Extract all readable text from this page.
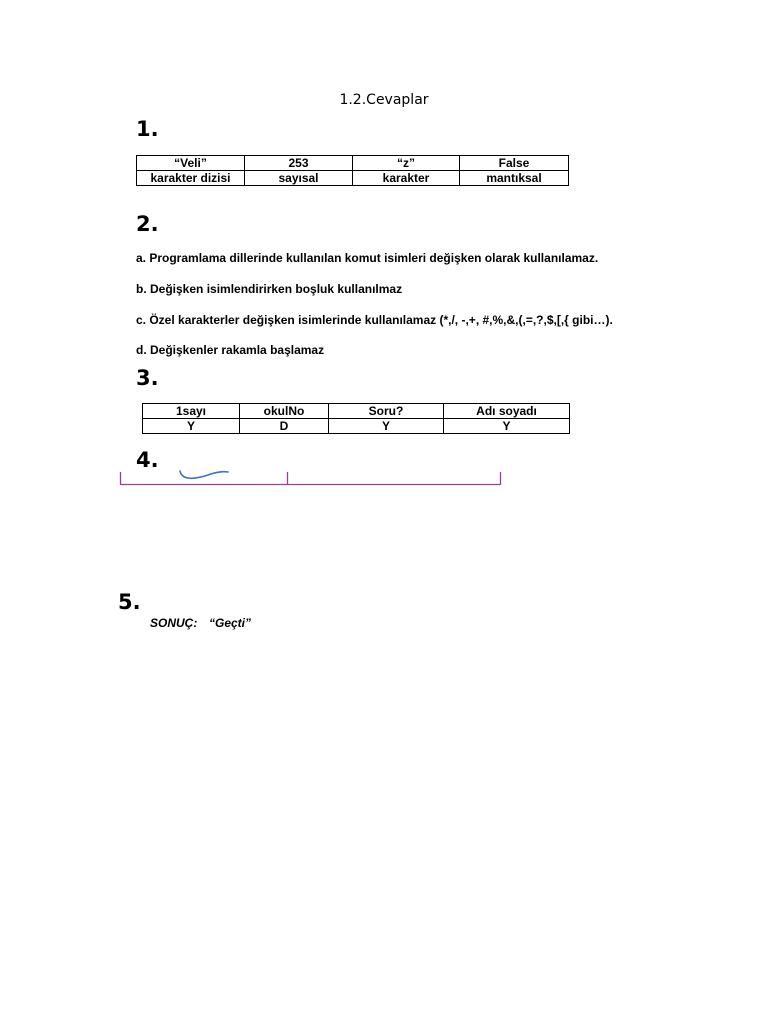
1.2.Cevaplar
1.
“Veli”	253	“z”	False
karakter dizisi	sayısal	karakter	mantıksal
2.
a. Programlama dillerinde kullanılan komut isimleri değişken olarak kullanılamaz.
b. Değişken isimlendirirken boşluk kullanılmaz
c. Özel karakterler değişken isimlerinde kullanılamaz (*,/, -,+, #,%,&,(,=,?,$,[,{ gibi…).
d. Değişkenler rakamla başlamaz
3.
1sayı	okulNo	Soru?	Adı soyadı
Y	D	Y	Y
4.
5.
SONUÇ: “Geçti”
